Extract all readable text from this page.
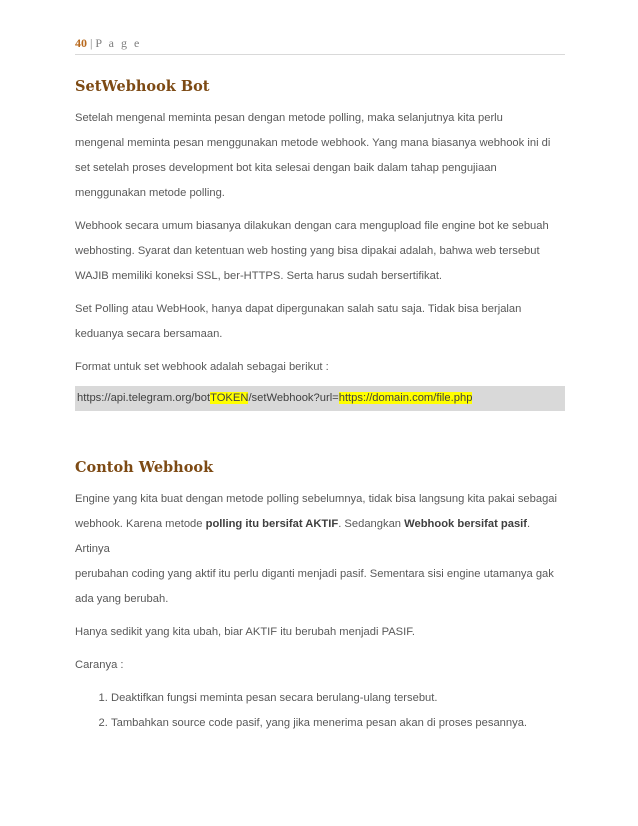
40 | P a g e
SetWebhook Bot

Setelah mengenal meminta pesan dengan metode polling, maka selanjutnya kita perlu
mengenal meminta pesan menggunakan metode webhook. Yang mana biasanya webhook ini di
set setelah proses development bot kita selesai dengan baik dalam tahap pengujiaan
menggunakan metode polling.

Webhook secara umum biasanya dilakukan dengan cara mengupload file engine bot ke sebuah
webhosting. Syarat dan ketentuan web hosting yang bisa dipakai adalah, bahwa web tersebut
WAJIB memiliki koneksi SSL, ber-HTTPS. Serta harus sudah bersertifikat.

Set Polling atau WebHook, hanya dapat dipergunakan salah satu saja. Tidak bisa berjalan
keduanya secara bersamaan.

Format untuk set webhook adalah sebagai berikut :

https://api.telegram.org/botTOKEN/setWebhook?url=https://domain.com/file.php
Contoh Webhook

Engine yang kita buat dengan metode polling sebelumnya, tidak bisa langsung kita pakai sebagai
webhook. Karena metode polling itu bersifat AKTIF. Sedangkan Webhook bersifat pasif. Artinya
perubahan coding yang aktif itu perlu diganti menjadi pasif. Sementara sisi engine utamanya gak
ada yang berubah.

Hanya sedikit yang kita ubah, biar AKTIF itu berubah menjadi PASIF.

Caranya :

1. Deaktifkan fungsi meminta pesan secara berulang-ulang tersebut.
2. Tambahkan source code pasif, yang jika menerima pesan akan di proses pesannya.
